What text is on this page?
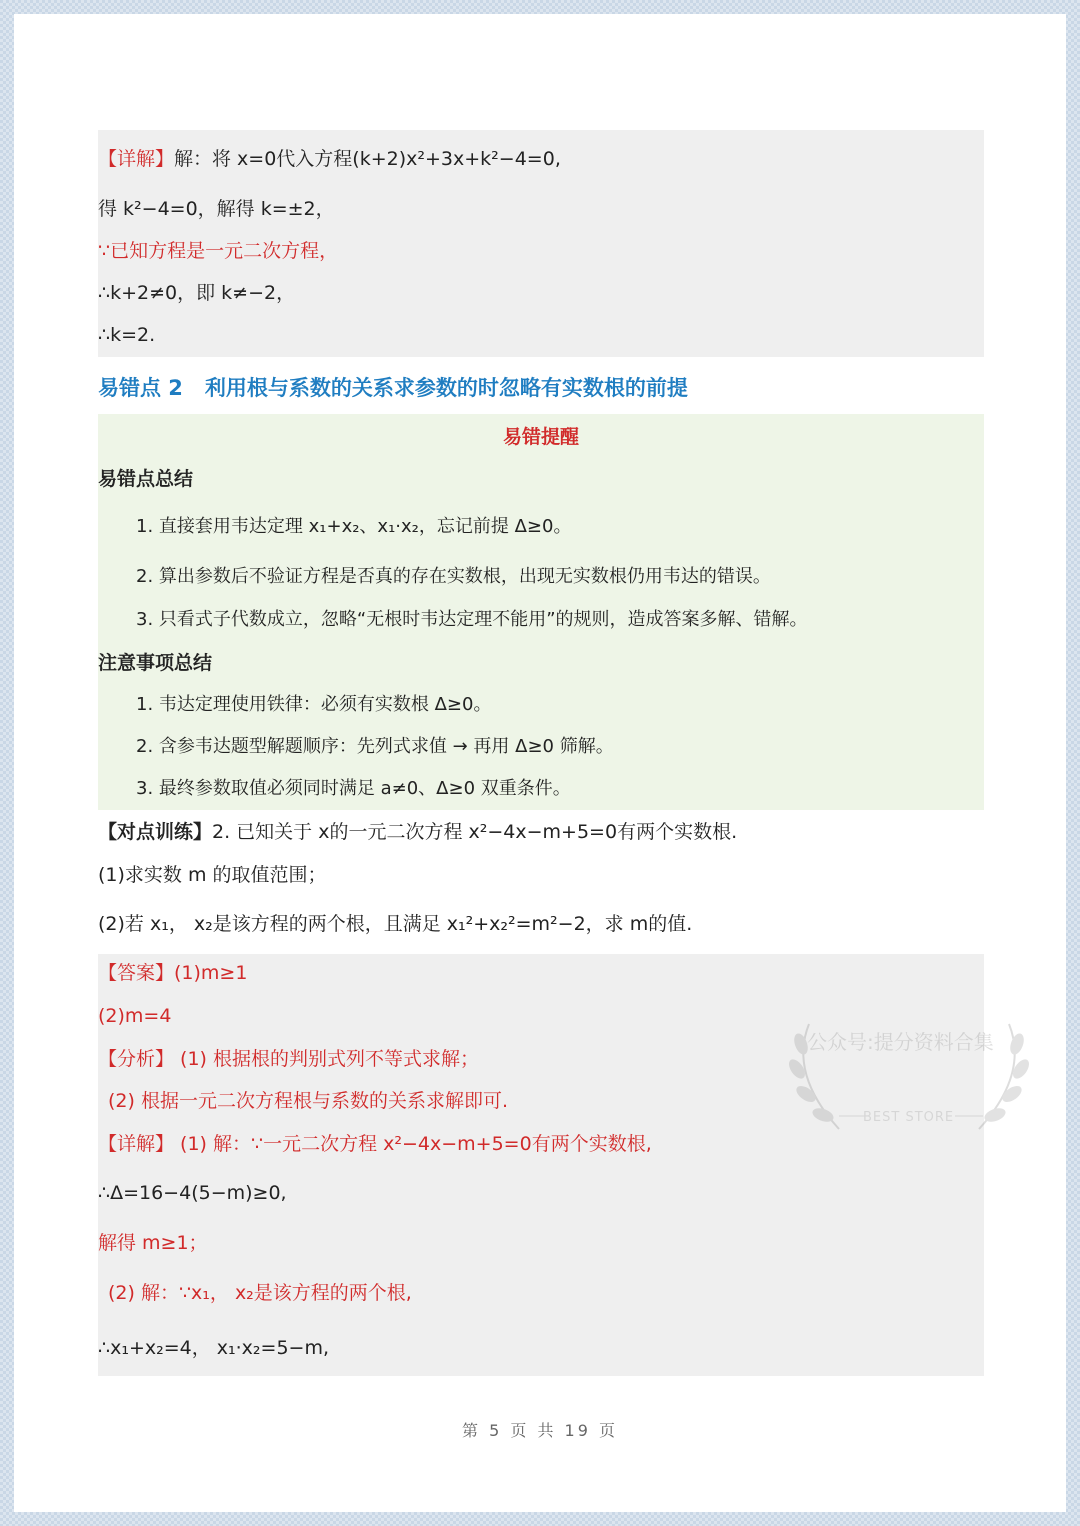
【详解】解：将 x=0代入方程(k+2)x²+3x+k²−4=0,
得 k²−4=0，解得 k=±2，
∵已知方程是一元二次方程，
∴k+2≠0，即 k≠−2，
∴k=2.
易错点 2 利用根与系数的关系求参数的时忽略有实数根的前提
易错提醒
易错点总结
1. 直接套用韦达定理 x₁+x₂、x₁·x₂，忘记前提 Δ≥0。
2. 算出参数后不验证方程是否真的存在实数根，出现无实数根仍用韦达的错误。
3. 只看式子代数成立，忽略“无根时韦达定理不能用”的规则，造成答案多解、错解。
注意事项总结
1. 韦达定理使用铁律：必须有实数根 Δ≥0。
2. 含参韦达题型解题顺序：先列式求值 → 再用 Δ≥0 筛解。
3. 最终参数取值必须同时满足 a≠0、Δ≥0 双重条件。
【对点训练】2. 已知关于 x的一元二次方程 x²−4x−m+5=0有两个实数根.
(1)求实数 m 的取值范围；
(2)若 x₁， x₂是该方程的两个根，且满足 x₁²+x₂²=m²−2，求 m的值.
【答案】(1)m≥1
(2)m=4
【分析】 (1) 根据根的判别式列不等式求解；
(2) 根据一元二次方程根与系数的关系求解即可.
【详解】 (1) 解：∵一元二次方程 x²−4x−m+5=0有两个实数根,
∴Δ=16−4(5−m)≥0,
解得 m≥1；
(2) 解：∵x₁， x₂是该方程的两个根,
∴x₁+x₂=4， x₁·x₂=5−m,
公众号:提分资料合集
BEST STORE
第 5 页 共 19 页
